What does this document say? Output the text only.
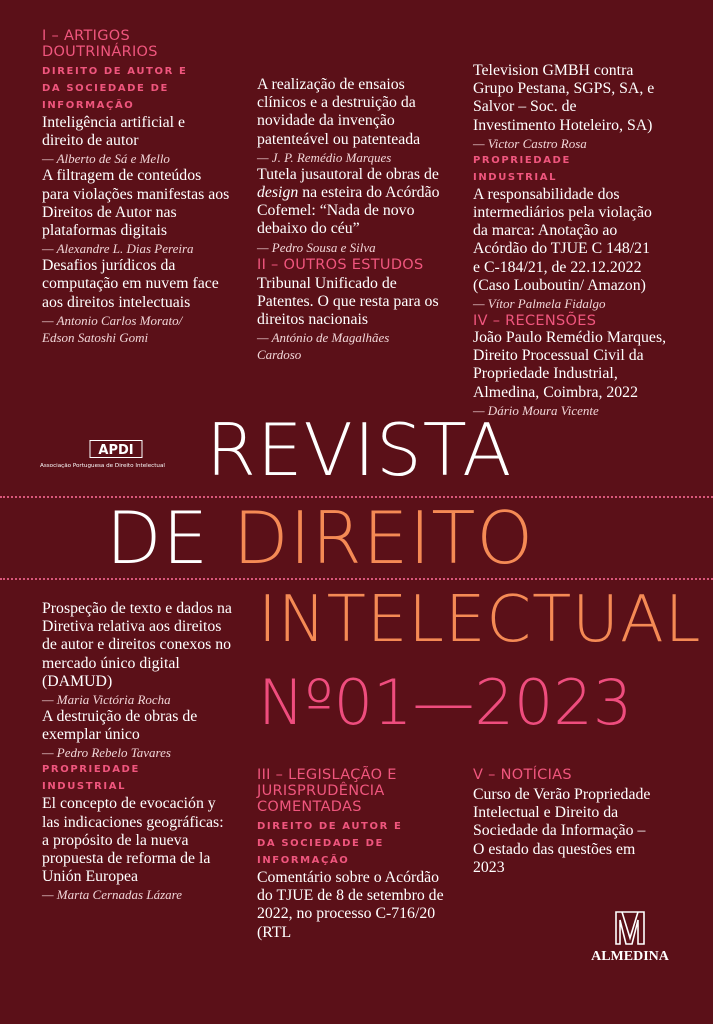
I – ARTIGOS DOUTRINÁRIOS
DIREITO DE AUTOR E DA SOCIEDADE DE INFORMAÇÃO
Inteligência artificial e direito de autor
— Alberto de Sá e Mello
A filtragem de conteúdos para violações manifestas aos Direitos de Autor nas plataformas digitais
— Alexandre L. Dias Pereira
Desafios jurídicos da computação em nuvem face aos direitos intelectuais
— Antonio Carlos Morato/ Edson Satoshi Gomi
A realização de ensaios clínicos e a destruição da novidade da invenção patenteável ou patenteada
— J. P. Remédio Marques
Tutela jusautoral de obras de design na esteira do Acórdão Cofemel: “Nada de novo debaixo do céu”
— Pedro Sousa e Silva
II – OUTROS ESTUDOS
Tribunal Unificado de Patentes. O que resta para os direitos nacionais
— António de Magalhães Cardoso
Television GMBH contra Grupo Pestana, SGPS, SA, e Salvor – Soc. de Investimento Hoteleiro, SA)
— Victor Castro Rosa
PROPRIEDADE INDUSTRIAL
A responsabilidade dos intermediários pela violação da marca: Anotação ao Acórdão do TJUE C 148/21 e C-184/21, de 22.12.2022 (Caso Louboutin/ Amazon)
— Vítor Palmela Fidalgo
IV – RECENSÕES
João Paulo Remédio Marques, Direito Processual Civil da Propriedade Industrial, Almedina, Coimbra, 2022
— Dário Moura Vicente
APDI
Associação Portuguesa de Direito Intelectual REVISTA
DE DIREITO
INTELECTUAL
Nº01—2023
Prospeção de texto e dados na Diretiva relativa aos direitos de autor e direitos conexos no mercado único digital (DAMUD)
— Maria Victória Rocha
A destruição de obras de exemplar único
— Pedro Rebelo Tavares
PROPRIEDADE INDUSTRIAL
El concepto de evocación y las indicaciones geográficas: a propósito de la nueva propuesta de reforma de la Unión Europea
— Marta Cernadas Lázare
III – LEGISLAÇÃO E JURISPRUDÊNCIA COMENTADAS
DIREITO DE AUTOR E DA SOCIEDADE DE INFORMAÇÃO
Comentário sobre o Acórdão do TJUE de 8 de setembro de 2022, no processo C-716/20 (RTL
V – NOTÍCIAS
Curso de Verão Propriedade Intelectual e Direito da Sociedade da Informação – O estado das questões em 2023
ALMEDINA
